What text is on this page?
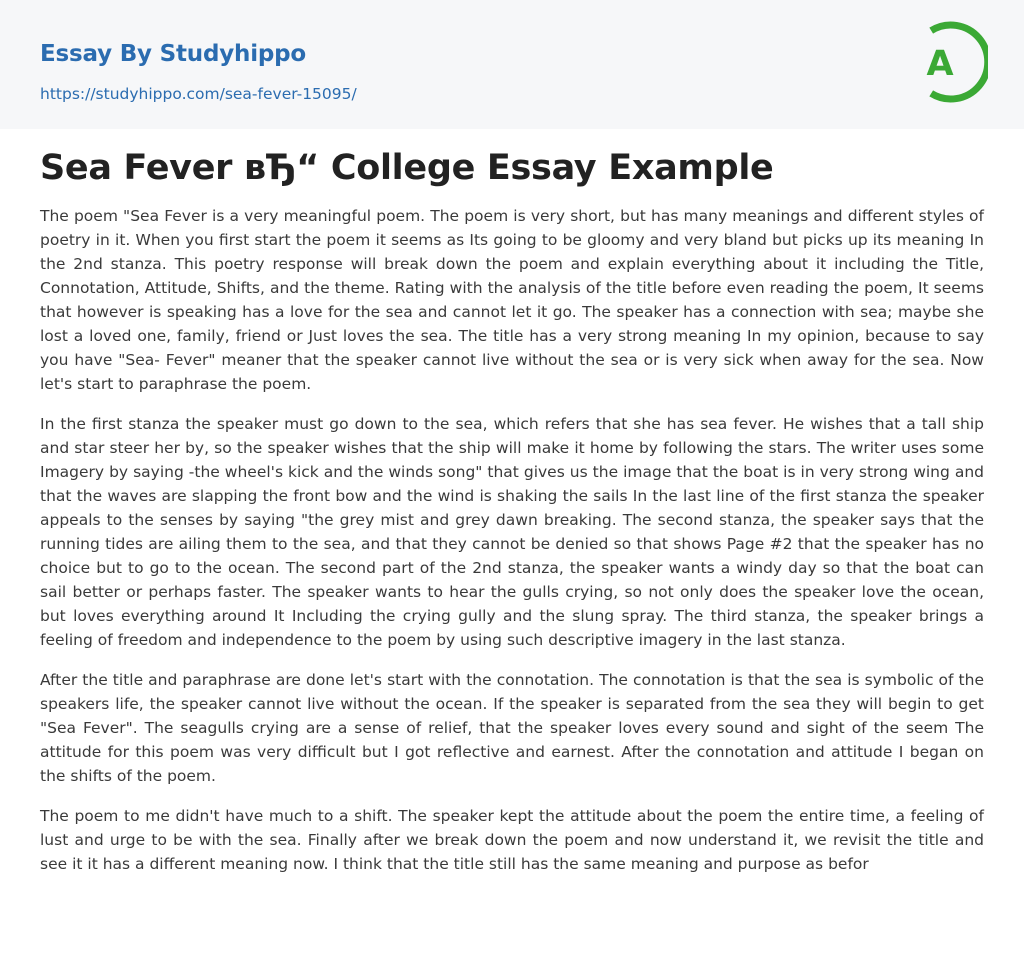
Essay By Studyhippo
https://studyhippo.com/sea-fever-15095/
A
Sea Fever вЂ“ College Essay Example

The poem "Sea Fever is a very meaningful poem. The poem is very short, but has many meanings and different styles of poetry in it. When you first start the poem it seems as Its going to be gloomy and very bland but picks up its meaning In the 2nd stanza. This poetry response will break down the poem and explain everything about it including the Title, Connotation, Attitude, Shifts, and the theme. Rating with the analysis of the title before even reading the poem, It seems that however is speaking has a love for the sea and cannot let it go. The speaker has a connection with sea; maybe she lost a loved one, family, friend or Just loves the sea. The title has a very strong meaning In my opinion, because to say you have "Sea- Fever" meaner that the speaker cannot live without the sea or is very sick when away for the sea. Now let's start to paraphrase the poem.

In the first stanza the speaker must go down to the sea, which refers that she has sea fever. He wishes that a tall ship and star steer her by, so the speaker wishes that the ship will make it home by following the stars. The writer uses some Imagery by saying -the wheel's kick and the winds song" that gives us the image that the boat is in very strong wing and that the waves are slapping the front bow and the wind is shaking the sails In the last line of the first stanza the speaker appeals to the senses by saying "the grey mist and grey dawn breaking. The second stanza, the speaker says that the running tides are ailing them to the sea, and that they cannot be denied so that shows Page #2 that the speaker has no choice but to go to the ocean. The second part of the 2nd stanza, the speaker wants a windy day so that the boat can sail better or perhaps faster. The speaker wants to hear the gulls crying, so not only does the speaker love the ocean, but loves everything around It Including the crying gully and the slung spray. The third stanza, the speaker brings a feeling of freedom and independence to the poem by using such descriptive imagery in the last stanza.

After the title and paraphrase are done let's start with the connotation. The connotation is that the sea is symbolic of the speakers life, the speaker cannot live without the ocean. If the speaker is separated from the sea they will begin to get "Sea Fever". The seagulls crying are a sense of relief, that the speaker loves every sound and sight of the seem The attitude for this poem was very difficult but I got reflective and earnest. After the connotation and attitude I began on the shifts of the poem.

The poem to me didn't have much to a shift. The speaker kept the attitude about the poem the entire time, a feeling of lust and urge to be with the sea. Finally after we break down the poem and now understand it, we revisit the title and see it it has a different meaning now. I think that the title still has the same meaning and purpose as befor
